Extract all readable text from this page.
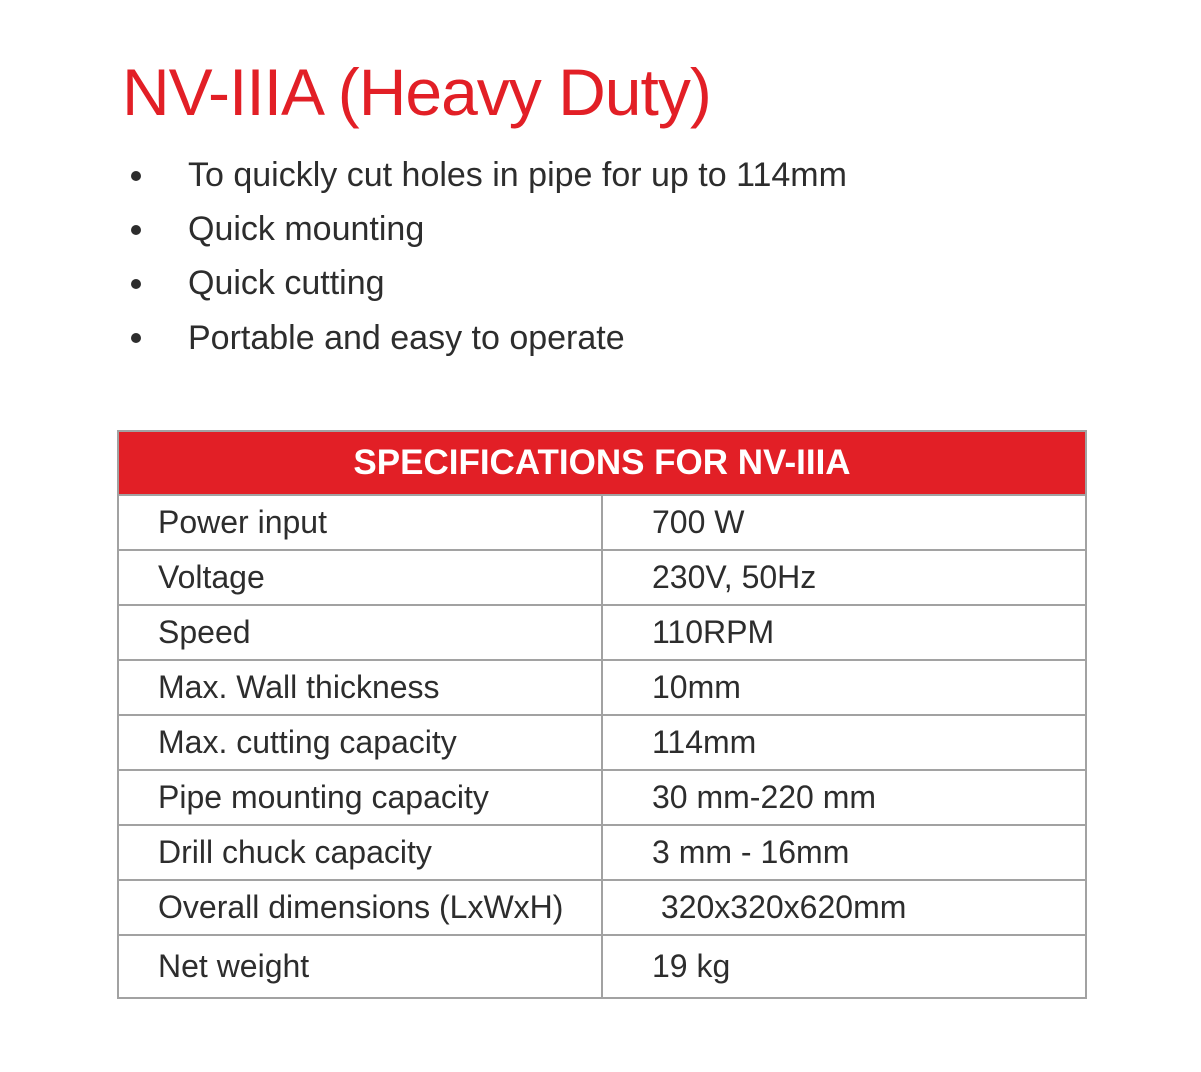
NV-IIIA (Heavy Duty)
To quickly cut holes in pipe for up to 114mm
Quick mounting
Quick cutting
Portable and easy to operate
SPECIFICATIONS FOR NV-IIIA	
Power input	700 W
Voltage	230V, 50Hz
Speed	110RPM
Max. Wall thickness	10mm
Max. cutting capacity	114mm
Pipe mounting capacity	30 mm-220 mm
Drill chuck capacity	3 mm - 16mm
Overall dimensions (LxWxH)	320x320x620mm
Net weight	19 kg
